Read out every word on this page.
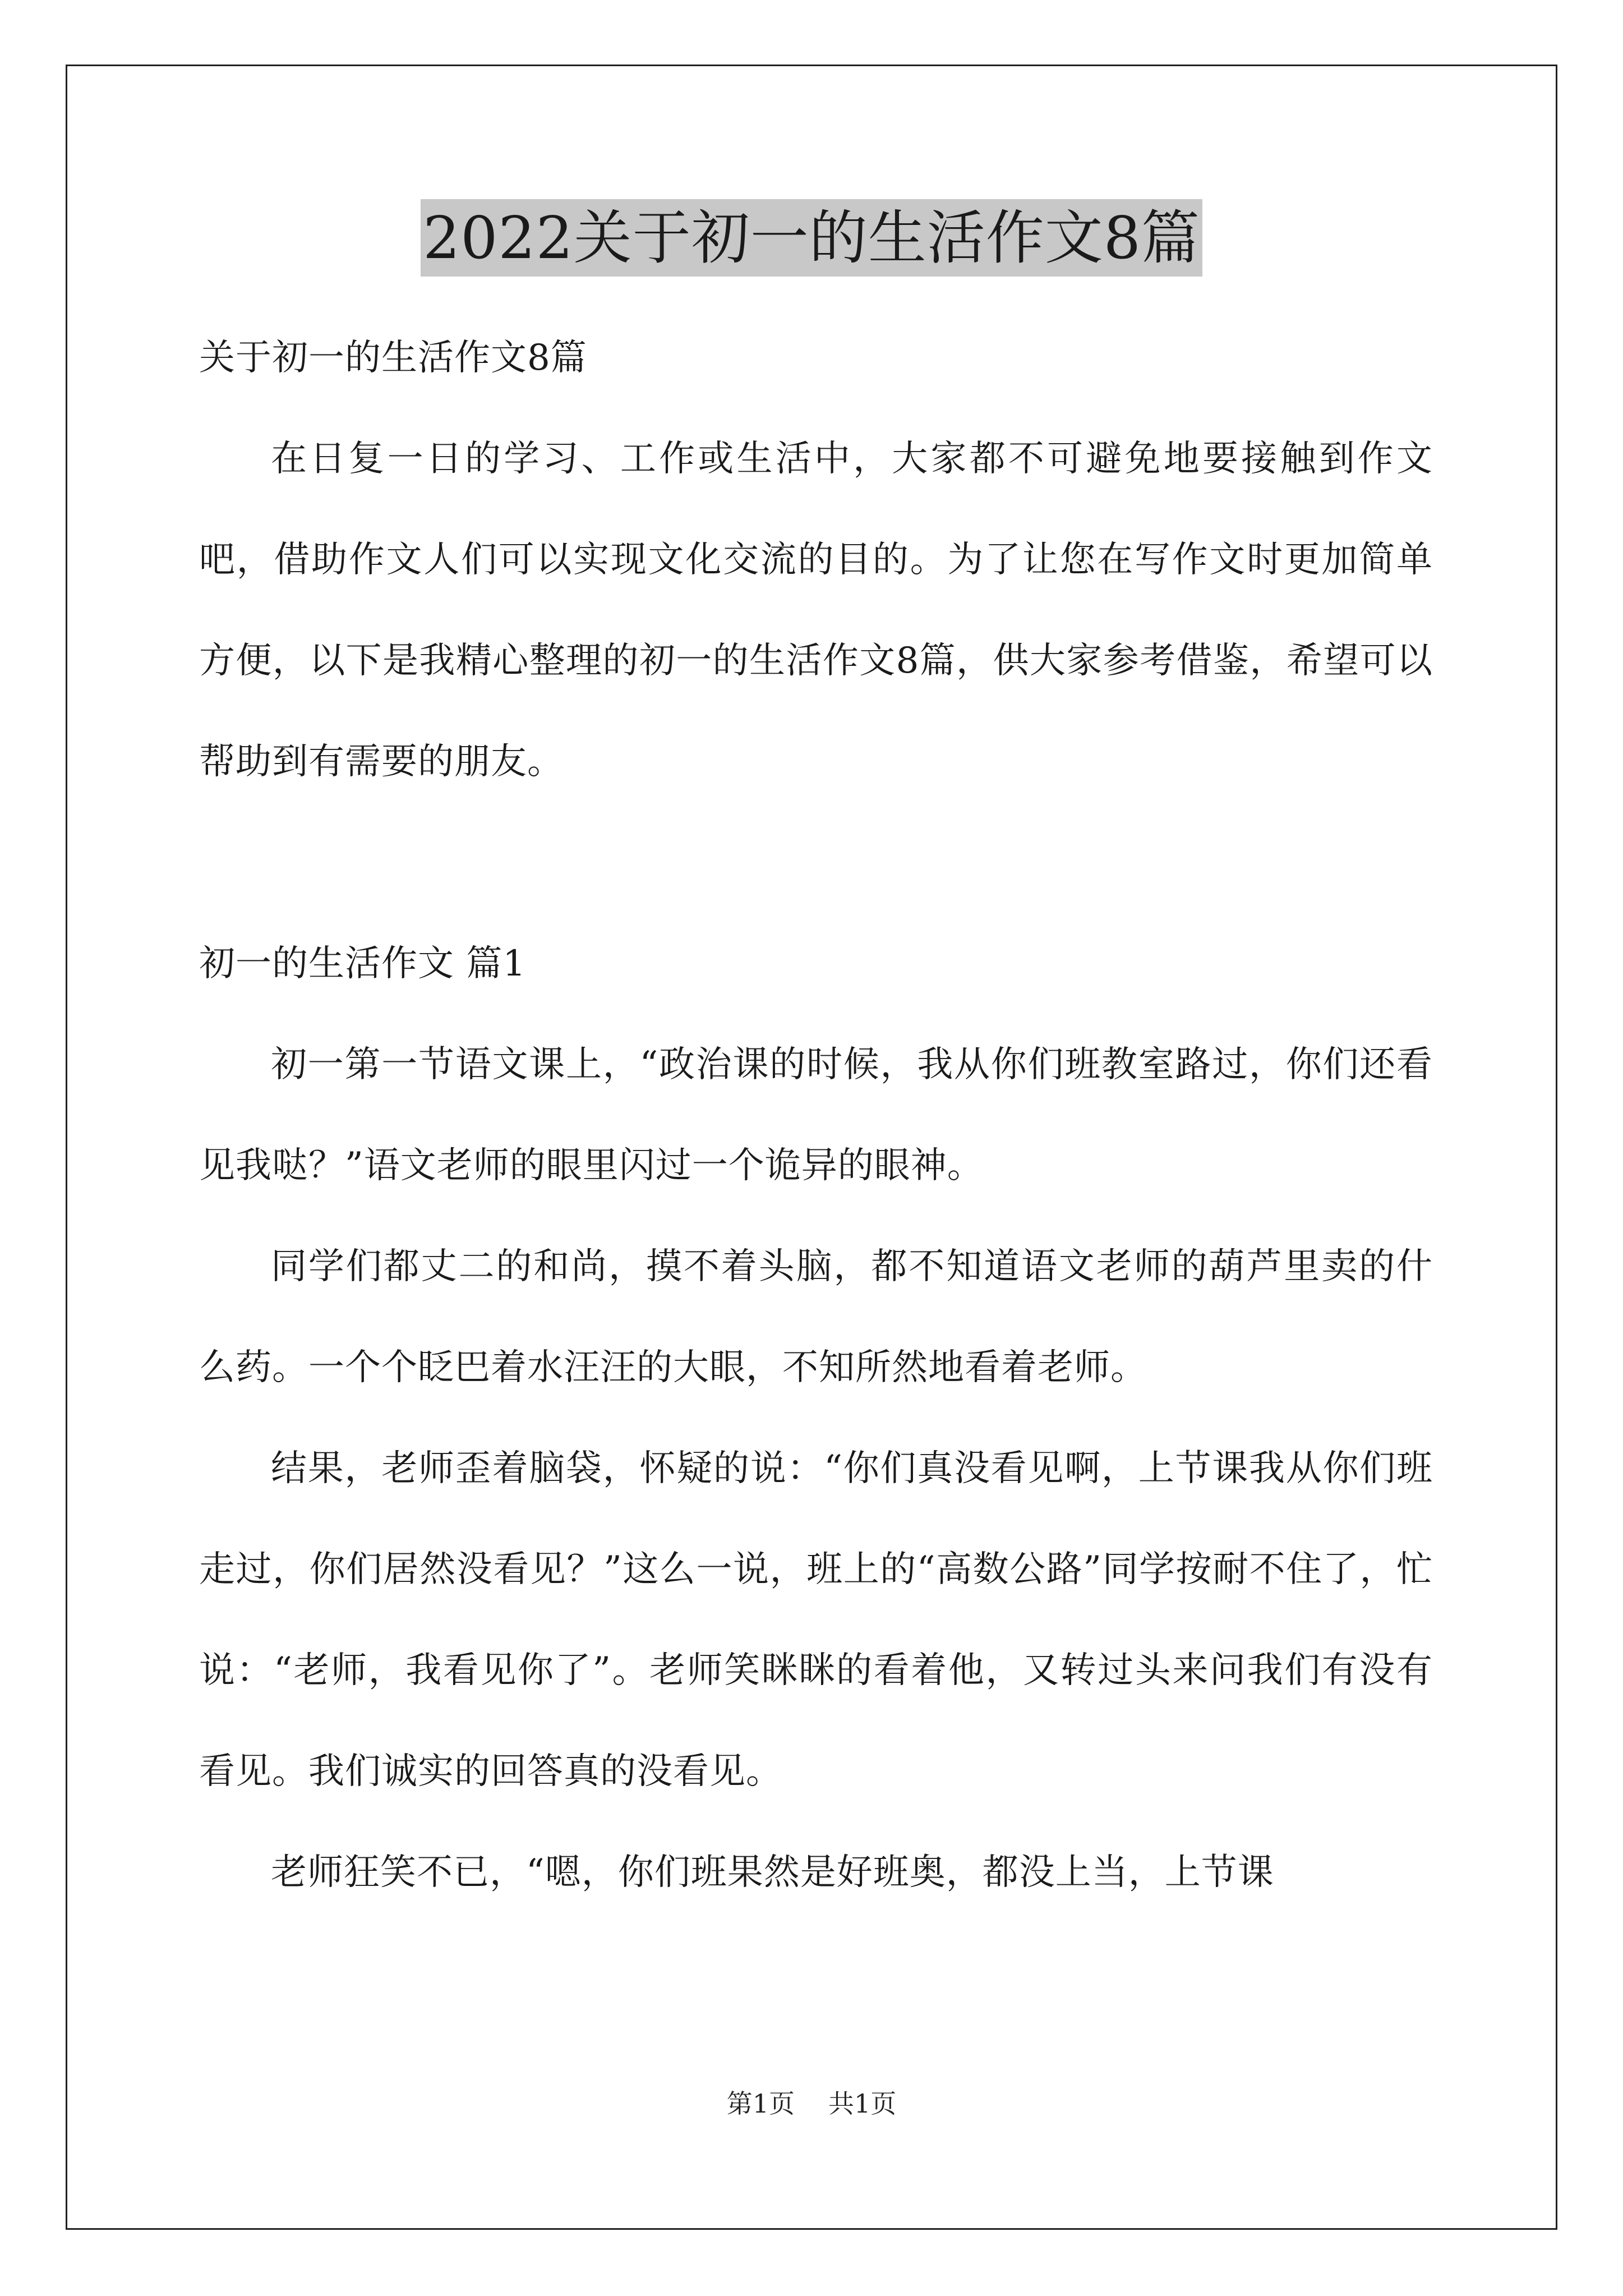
2022关于初一的生活作文8篇

关于初一的生活作文8篇

在日复一日的学习、工作或生活中，大家都不可避免地要接触到作文吧，借助作文人们可以实现文化交流的目的。为了让您在写作文时更加简单方便，以下是我精心整理的初一的生活作文8篇，供大家参考借鉴，希望可以帮助到有需要的朋友。

初一的生活作文 篇1

初一第一节语文课上，“政治课的时候，我从你们班教室路过，你们还看见我哒？”语文老师的眼里闪过一个诡异的眼神。

同学们都丈二的和尚，摸不着头脑，都不知道语文老师的葫芦里卖的什么药。一个个眨巴着水汪汪的大眼，不知所然地看着老师。

结果，老师歪着脑袋，怀疑的说：“你们真没看见啊，上节课我从你们班走过，你们居然没看见？”这么一说，班上的“高数公路”同学按耐不住了，忙说：“老师，我看见你了”。老师笑眯眯的看着他，又转过头来问我们有没有看见。我们诚实的回答真的没看见。

老师狂笑不已，“嗯，你们班果然是好班奥，都没上当，上节课

第1页 共1页
